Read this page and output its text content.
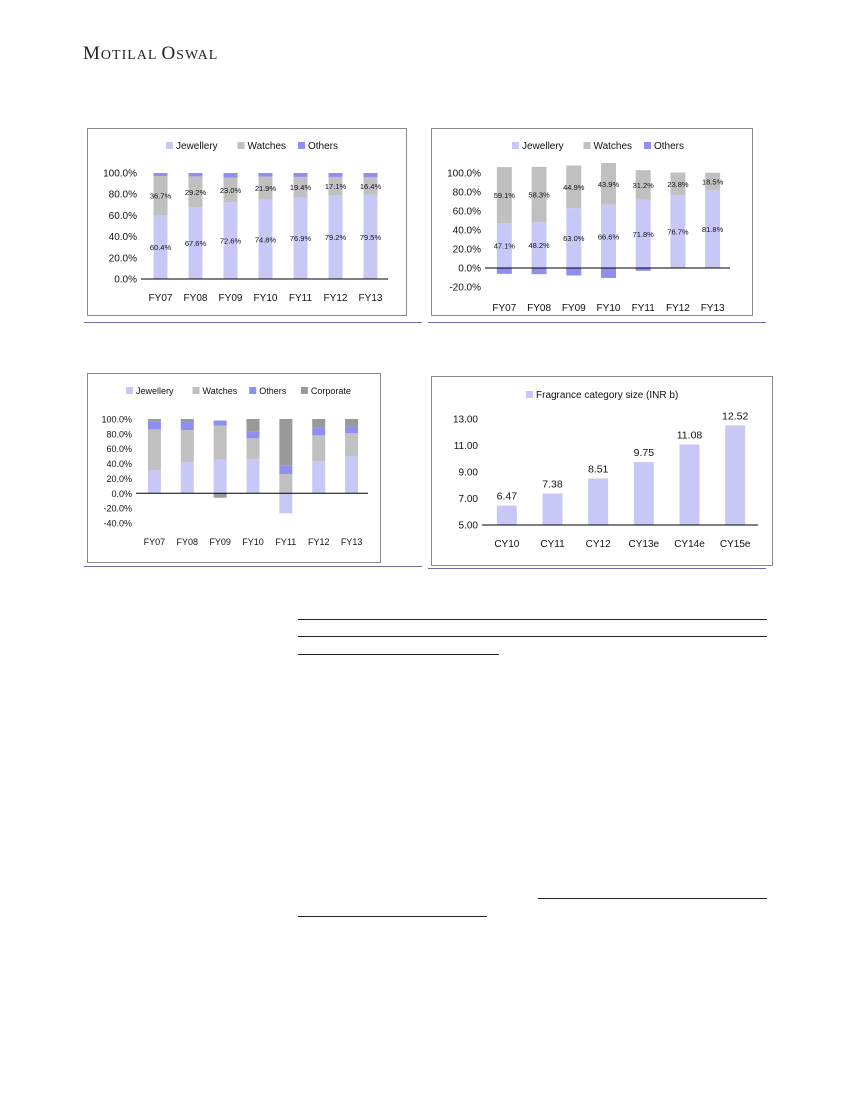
MOTILAL OSWAL
Jewellery	Watches Others
0.0%
20.0%
40.0%
60.0%
80.0%
100.0%
60.4%
36.7%
FY07
67.6%
29.2%
FY08
72.6%
23.0%
FY09
74.8%
21.9%
FY10
76.9%
19.4%
FY11
79.2%
17.1%
FY12
79.5%
16.4%
FY13
Jewellery	Watches Others
-20.0%
0.0%
20.0%
40.0%
60.0%
80.0%
100.0%
47.1%
59.1%
FY07
48.2%
58.3%
FY08
63.0%
44.9%
FY09
66.6%
43.9%
FY10
71.8%
31.2%
FY11
76.7%
23.8%
FY12
81.8%
18.5%
FY13
Jewellery	Watches Others	Corporate
-40.0%
-20.0%
0.0%
20.0%
40.0%
60.0%
80.0%
100.0%
FY07 FY08 FY09 FY10 FY11 FY12 FY13
Fragrance category size (INR b)
5.00
7.00
9.00
11.00
13.00
6.47
CY10
7.38
CY11
8.51
CY12
9.75
CY13e
11.08
CY14e
12.52
CY15e
